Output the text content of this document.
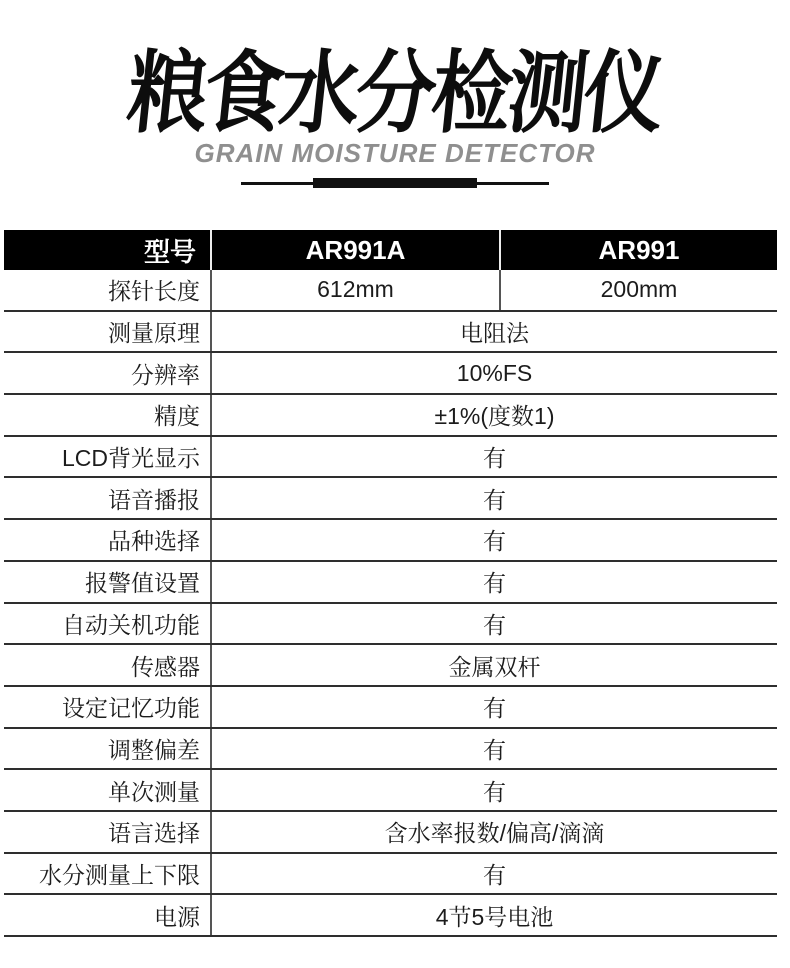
粮食水分检测仪
GRAIN MOISTURE DETECTOR
型号	AR991A	AR991
探针长度	612mm	200mm
测量原理	电阻法
分辨率	10%FS
精度	±1%(度数1)
LCD背光显示	有
语音播报	有
品种选择	有
报警值设置	有
自动关机功能	有
传感器	金属双杆
设定记忆功能	有
调整偏差	有
单次测量	有
语言选择	含水率报数/偏高/滴滴
水分测量上下限	有
电源	4节5号电池
